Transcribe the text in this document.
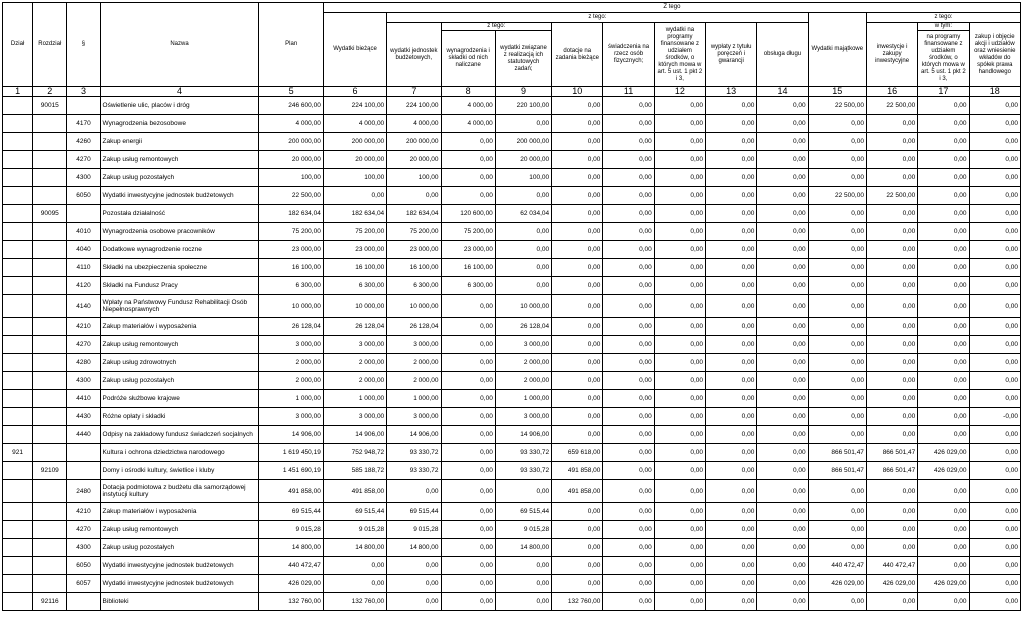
Dział	Rozdział	§	Nazwa	Plan	Z tego												
					Wydatki bieżące	z tego:								Wydatki majątkowe	z tego:		
						wydatki jednostek budżetowych,	z tego:		dotacje na zadania bieżące	świadczenia na rzecz osób fizycznych;	wydatki na programy finansowane z udziałem środków, o których mowa w art. 5 ust. 1 pkt 2 i 3,	wypłaty z tytułu poręczeń i gwarancji	obsługa długu		inwestycje i zakupy inwestycyjne	w tym:	zakup i objęcie akcji i udziałów oraz wniesienie wkładów do spółek prawa handlowego
							wynagrodzenia i składki od nich naliczane	wydatki związane z realizacją ich statutowych zadań;								na programy finansowane z udziałem środków, o których mowa w art. 5 ust. 1 pkt 2 i 3,	
1	2	3	4	5	6	7	8	9	10	11	12	13	14	15	16	17	18
	90015		Oświetlenie ulic, placów i dróg	246 600,00	224 100,00	224 100,00	4 000,00	220 100,00	0,00	0,00	0,00	0,00	0,00	22 500,00	22 500,00	0,00	0,00
		4170	Wynagrodzenia bezosobowe	4 000,00	4 000,00	4 000,00	4 000,00	0,00	0,00	0,00	0,00	0,00	0,00	0,00	0,00	0,00	0,00
		4260	Zakup energii	200 000,00	200 000,00	200 000,00	0,00	200 000,00	0,00	0,00	0,00	0,00	0,00	0,00	0,00	0,00	0,00
		4270	Zakup usług remontowych	20 000,00	20 000,00	20 000,00	0,00	20 000,00	0,00	0,00	0,00	0,00	0,00	0,00	0,00	0,00	0,00
		4300	Zakup usług pozostałych	100,00	100,00	100,00	0,00	100,00	0,00	0,00	0,00	0,00	0,00	0,00	0,00	0,00	0,00
		6050	Wydatki inwestycyjne jednostek budżetowych	22 500,00	0,00	0,00	0,00	0,00	0,00	0,00	0,00	0,00	0,00	22 500,00	22 500,00	0,00	0,00
	90095		Pozostała działalność	182 634,04	182 634,04	182 634,04	120 600,00	62 034,04	0,00	0,00	0,00	0,00	0,00	0,00	0,00	0,00	0,00
		4010	Wynagrodzenia osobowe pracowników	75 200,00	75 200,00	75 200,00	75 200,00	0,00	0,00	0,00	0,00	0,00	0,00	0,00	0,00	0,00	0,00
		4040	Dodatkowe wynagrodzenie roczne	23 000,00	23 000,00	23 000,00	23 000,00	0,00	0,00	0,00	0,00	0,00	0,00	0,00	0,00	0,00	0,00
		4110	Składki na ubezpieczenia społeczne	16 100,00	16 100,00	16 100,00	16 100,00	0,00	0,00	0,00	0,00	0,00	0,00	0,00	0,00	0,00	0,00
		4120	Składki na Fundusz Pracy	6 300,00	6 300,00	6 300,00	6 300,00	0,00	0,00	0,00	0,00	0,00	0,00	0,00	0,00	0,00	0,00
		4140	Wpłaty na Państwowy Fundusz Rehabilitacji Osób Niepełnosprawnych	10 000,00	10 000,00	10 000,00	0,00	10 000,00	0,00	0,00	0,00	0,00	0,00	0,00	0,00	0,00	0,00
		4210	Zakup materiałów i wyposażenia	26 128,04	26 128,04	26 128,04	0,00	26 128,04	0,00	0,00	0,00	0,00	0,00	0,00	0,00	0,00	0,00
		4270	Zakup usług remontowych	3 000,00	3 000,00	3 000,00	0,00	3 000,00	0,00	0,00	0,00	0,00	0,00	0,00	0,00	0,00	0,00
		4280	Zakup usług zdrowotnych	2 000,00	2 000,00	2 000,00	0,00	2 000,00	0,00	0,00	0,00	0,00	0,00	0,00	0,00	0,00	0,00
		4300	Zakup usług pozostałych	2 000,00	2 000,00	2 000,00	0,00	2 000,00	0,00	0,00	0,00	0,00	0,00	0,00	0,00	0,00	0,00
		4410	Podróże służbowe krajowe	1 000,00	1 000,00	1 000,00	0,00	1 000,00	0,00	0,00	0,00	0,00	0,00	0,00	0,00	0,00	0,00
		4430	Różne opłaty i składki	3 000,00	3 000,00	3 000,00	0,00	3 000,00	0,00	0,00	0,00	0,00	0,00	0,00	0,00	0,00	-0,00
		4440	Odpisy na zakładowy fundusz świadczeń socjalnych	14 906,00	14 906,00	14 906,00	0,00	14 906,00	0,00	0,00	0,00	0,00	0,00	0,00	0,00	0,00	0,00
921			Kultura i ochrona dziedzictwa narodowego	1 619 450,19	752 948,72	93 330,72	0,00	93 330,72	659 618,00	0,00	0,00	0,00	0,00	866 501,47	866 501,47	426 029,00	0,00
	92109		Domy i ośrodki kultury, świetlice i kluby	1 451 690,19	585 188,72	93 330,72	0,00	93 330,72	491 858,00	0,00	0,00	0,00	0,00	866 501,47	866 501,47	426 029,00	0,00
		2480	Dotacja podmiotowa z budżetu dla samorządowej instytucji kultury	491 858,00	491 858,00	0,00	0,00	0,00	491 858,00	0,00	0,00	0,00	0,00	0,00	0,00	0,00	0,00
		4210	Zakup materiałów i wyposażenia	69 515,44	69 515,44	69 515,44	0,00	69 515,44	0,00	0,00	0,00	0,00	0,00	0,00	0,00	0,00	0,00
		4270	Zakup usług remontowych	9 015,28	9 015,28	9 015,28	0,00	9 015,28	0,00	0,00	0,00	0,00	0,00	0,00	0,00	0,00	0,00
		4300	Zakup usług pozostałych	14 800,00	14 800,00	14 800,00	0,00	14 800,00	0,00	0,00	0,00	0,00	0,00	0,00	0,00	0,00	0,00
		6050	Wydatki inwestycyjne jednostek budżetowych	440 472,47	0,00	0,00	0,00	0,00	0,00	0,00	0,00	0,00	0,00	440 472,47	440 472,47	0,00	0,00
		6057	Wydatki inwestycyjne jednostek budżetowych	426 029,00	0,00	0,00	0,00	0,00	0,00	0,00	0,00	0,00	0,00	426 029,00	426 029,00	426 029,00	0,00
	92116		Biblioteki	132 760,00	132 760,00	0,00	0,00	0,00	132 760,00	0,00	0,00	0,00	0,00	0,00	0,00	0,00	0,00
